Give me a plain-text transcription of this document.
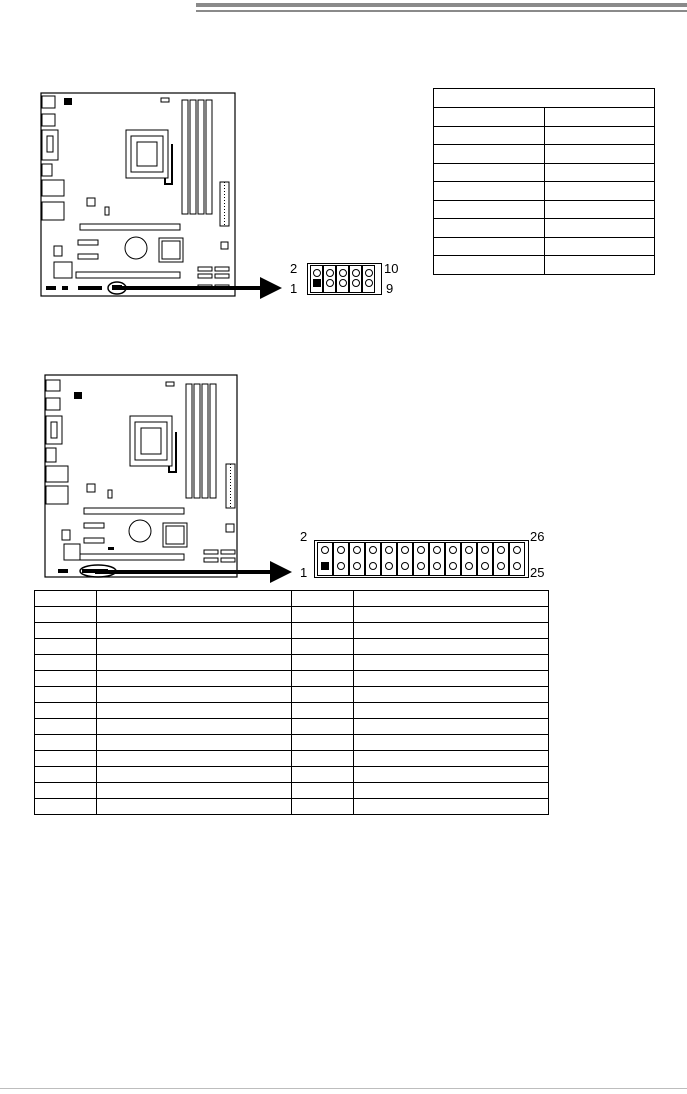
2
1
10
9

2
1
26
25
